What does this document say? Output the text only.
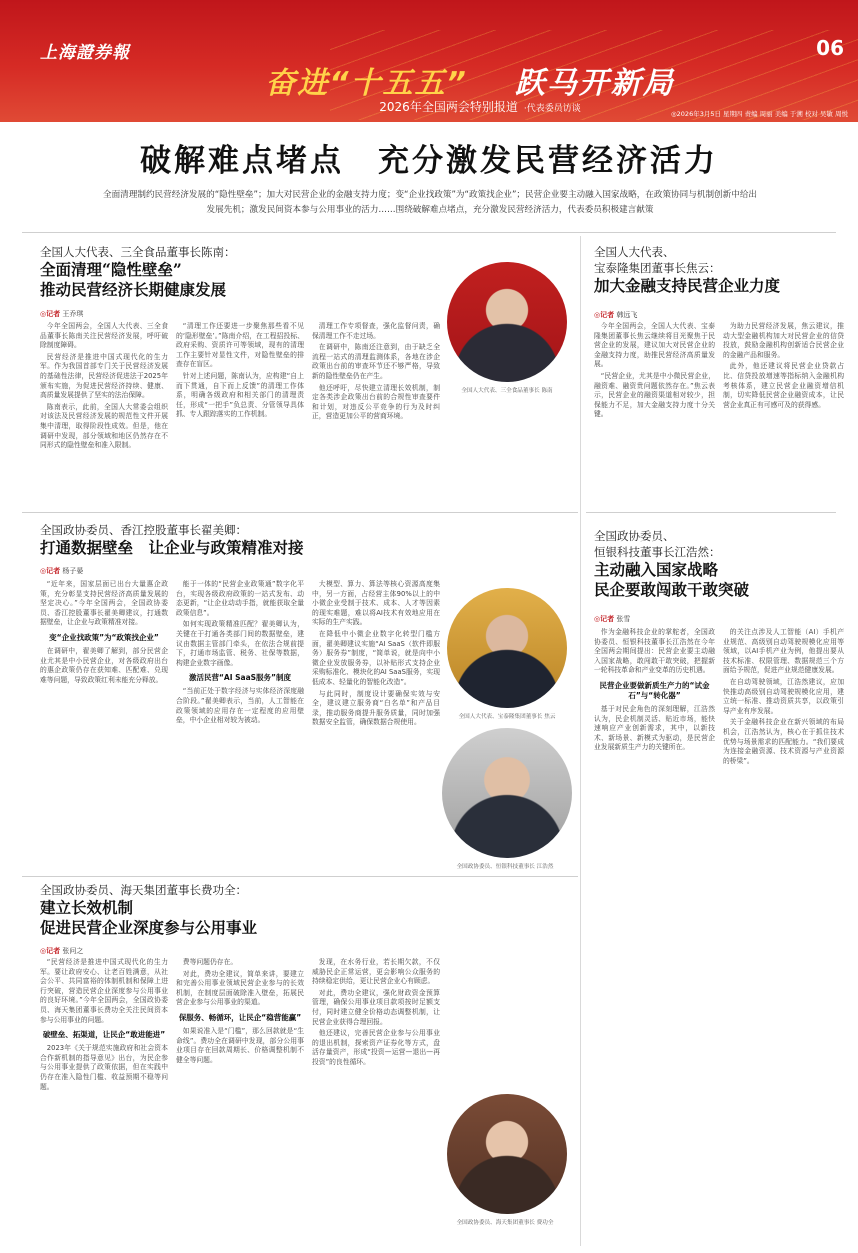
上海證券報	06
奋进“十五五” 跃马开新局
2026年全国两会特别报道 ·代表委员访谈	◎2026年3月5日 星期四 责编 周丽 美编 于溯 校对 吴敏 周悦
破解难点堵点　充分激发民营经济活力
全面清理制约民营经济发展的“隐性壁垒”；加大对民营企业的金融支持力度；变“企业找政策”为“政策找企业”；民营企业要主动融入国家战略，在政策协同与机制创新中给出发展先机；激发民间资本参与公用事业的活力……围绕破解难点堵点，充分激发民营经济活力，代表委员积极建言献策
全国人大代表、三全食品董事长陈南：
全面清理“隐性壁垒”
推动民营经济长期健康发展
◎记者 王乔琪

今年全国两会，全国人大代表、三全食品董事长陈南关注民营经济发展，呼吁破除制度障碍。

民营经济是推进中国式现代化的生力军。作为我国首部专门关于民营经济发展的基础性法律，民营经济促进法于2025年颁布实施，为促进民营经济持续、健康、高质量发展提供了坚实的法治保障。

陈南表示，此前，全国人大常委会组织对该法及民营经济发展的规范性文件开展集中清理，取得阶段性成效。但是，他在调研中发现，部分领域和地区仍然存在不同形式的隐性壁垒和准入限制。

“清理工作还要进一步聚焦那些看不见的‘隐形壁垒’。”陈南介绍，在工程招投标、政府采购、资质许可等领域，现有的清理工作主要针对显性文件，对隐性壁垒的排查存在盲区。

针对上述问题，陈南认为，应构建“自上而下贯通，自下而上反馈”的清理工作体系，明确各级政府和相关部门的清理责任，形成“一把手”负总责、分管领导具体抓、专人跟踪落实的工作机制。

清理工作专项督查，强化监督问责，确保清理工作不走过场。

在调研中，陈南还注意到，由于缺乏全流程一站式的清理监测体系，各地在涉企政策出台前的审查环节还不够严格，导致新的隐性壁垒仍在产生。

他还呼吁，尽快建立清理长效机制，制定各类涉企政策出台前的合规性审查要件和计划，对违反公平竞争的行为及时纠正，营造更加公平的营商环境。

全国人大代表、三全食品董事长 陈南
全国人大代表、
宝泰隆集团董事长焦云：
加大金融支持民营企业力度
◎记者 韩远飞

今年全国两会，全国人大代表、宝泰隆集团董事长焦云继续将目光聚焦于民营企业的发展，建议加大对民营企业的金融支持力度，助推民营经济高质量发展。

“民营企业，尤其是中小微民营企业，融资难、融资贵问题依然存在。”焦云表示，民营企业的融资渠道相对较少，担保能力不足，加大金融支持力度十分关键。

为助力民营经济发展，焦云建议，推动大型金融机构加大对民营企业的信贷投放，鼓励金融机构创新适合民营企业的金融产品和服务。

此外，他还建议将民营企业贷款占比、信贷投放增速等指标纳入金融机构考核体系，建立民营企业融资增信机制，切实降低民营企业融资成本，让民营企业真正有可感可及的获得感。

全国政协委员、香江控股董事长翟美卿：
打通数据壁垒　让企业与政策精准对接
◎记者 杨子晏

“近年来，国家层面已出台大量惠企政策，充分彰显支持民营经济高质量发展的坚定决心。”今年全国两会，全国政协委员、香江控股董事长翟美卿建议，打通数据壁垒，让企业与政策精准对接。

变“企业找政策”为“政策找企业”

在调研中，翟美卿了解到，部分民营企业尤其是中小民营企业，对各级政府出台的惠企政策仍存在获知难、匹配难、兑现难等问题，导致政策红利未能充分释放。

能于一体的“民营企业政策通”数字化平台，实现各级政府政策的一站式发布、动态更新，“让企业动动手指，就能获取全量政策信息”。

如何实现政策精准匹配？翟美卿认为，关键在于打通各类部门间的数据壁垒，建议由数据主管部门牵头，在依法合规前提下，打通市场监管、税务、社保等数据，构建企业数字画像。

激活民营“AI SaaS服务”制度

“当前正处于数字经济与实体经济深度融合阶段。”翟美卿表示，当前，人工智能在政策领域的应用存在一定程度的应用壁垒，中小企业相对较为被动。

大模型、算力、算法等核心资源高度集中，另一方面，占经营主体90%以上的中小微企业受制于技术、成本、人才等因素的现实难题，难以将AI技术有效地应用在实际的生产实践。

在降低中小微企业数字化转型门槛方面，翟美卿建议实施“AI SaaS（软件即服务）服务券”制度，“简单说，就是向中小微企业发放服务券，以补贴形式支持企业采购标准化、模块化的AI SaaS服务，实现低成本、轻量化的智能化改造”。

与此同时，制度设计要确保实效与安全，建议建立服务商“白名单”和产品目录，推动服务商提升服务质量，同时加强数据安全监管，确保数据合规使用。

全国人大代表、宝泰隆集团董事长 焦云
全国政协委员、
恒银科技董事长江浩然：
主动融入国家战略
民企要敢闯敢干敢突破
◎记者 张雪
全国政协委员、恒银科技董事长 江浩然

作为金融科技企业的掌舵者，全国政协委员、恒银科技董事长江浩然在今年全国两会期间提出：民营企业要主动融入国家战略，敢闯敢干敢突破，把握新一轮科技革命和产业变革的历史机遇。

民营企业要做新质生产力的“试金石”与“转化器”

基于对民企角色的深刻理解，江浩然认为，民企机制灵活、贴近市场，能快速响应产业创新需求，其中，以新技术、新场景、新模式为驱动，是民营企业发展新质生产力的关键所在。

的关注点涉及人工智能（AI）手机产业规范、高级别自动驾驶规模化应用等领域，以AI手机产业为例，他提出要从技术标准、权限管理、数据规范三个方面给予规范，促进产业规范健康发展。

在自动驾驶领域，江浩然建议，应加快推动高级别自动驾驶规模化应用，建立统一标准、推动资质共享，以政策引导产业有序发展。

关于金融科技企业在新兴领域的布局机会，江浩然认为，核心在于抓住技术优势与场景需求的匹配能力。“我们要成为连接金融资源、技术资源与产业资源的桥梁”。

全国政协委员、海天集团董事长费功全：
建立长效机制
促进民营企业深度参与公用事业
◎记者 张问之

“民营经济是推进中国式现代化的生力军。要让政府安心、让老百姓满意，从社会公平、共同富裕的体制机制和保障上进行突破，营造民营企业深度参与公用事业的良好环境。”今年全国两会，全国政协委员、海天集团董事长费功全关注民间资本参与公用事业的问题。

破壁垒、拓渠道，让民企“敢进能进”

2023年《关于规范实施政府和社会资本合作新机制的指导意见》出台，为民企参与公用事业提供了政策依据，但在实践中仍存在准入隐性门槛、收益预期不稳等问题。

费等问题仍存在。

对此，费功全建议，简单来讲，要建立和完善公用事业领域民营企业参与的长效机制，在制度层面破除准入壁垒，拓展民营企业参与公用事业的渠道。

保服务、畅循环，让民企“稳营能赢”

如果说准入是“门槛”，那么回款就是“生命线”。费功全在调研中发现，部分公用事业项目存在回款周期长、价格调整机制不健全等问题。

发现，在水务行业，若长期欠款，不仅威胁民企正常运营，更会影响公众服务的持续稳定供给，更让民营企业心有顾虑。

对此，费功全建议，强化财政资金预算管理，确保公用事业项目款项按时足额支付，同时建立健全价格动态调整机制，让民营企业获得合理回报。

他还建议，完善民营企业参与公用事业的退出机制，探索资产证券化等方式，盘活存量资产，形成“投资—运营—退出—再投资”的良性循环。

全国政协委员、海天集团董事长 费功全
